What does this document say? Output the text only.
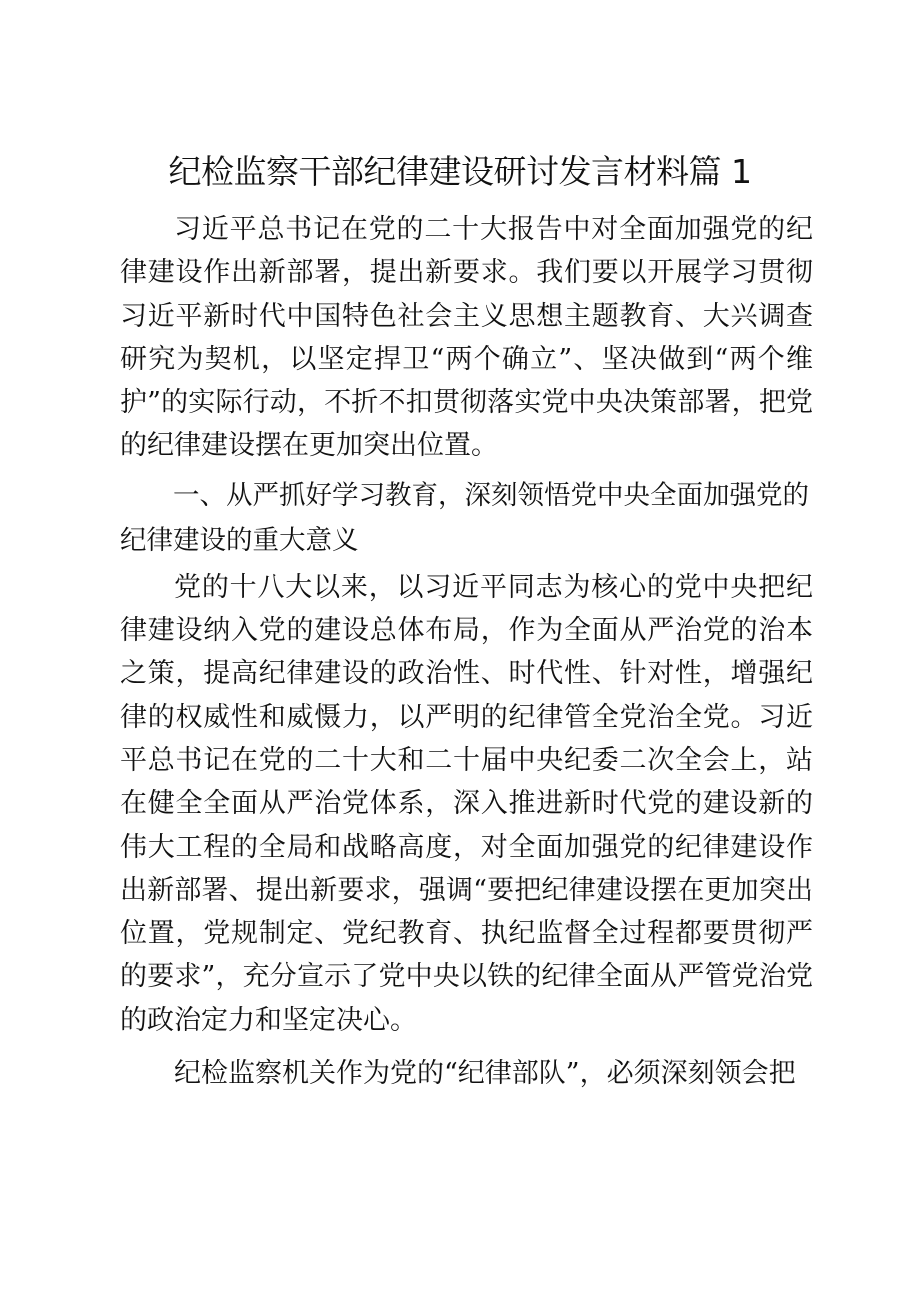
纪检监察干部纪律建设研讨发言材料篇 1

习近平总书记在党的二十大报告中对全面加强党的纪律建设作出新部署，提出新要求。我们要以开展学习贯彻习近平新时代中国特色社会主义思想主题教育、大兴调查研究为契机，以坚定捍卫“两个确立”、坚决做到“两个维护”的实际行动，不折不扣贯彻落实党中央决策部署，把党的纪律建设摆在更加突出位置。

一、从严抓好学习教育，深刻领悟党中央全面加强党的纪律建设的重大意义

党的十八大以来，以习近平同志为核心的党中央把纪律建设纳入党的建设总体布局，作为全面从严治党的治本之策，提高纪律建设的政治性、时代性、针对性，增强纪律的权威性和威慑力，以严明的纪律管全党治全党。习近平总书记在党的二十大和二十届中央纪委二次全会上，站在健全全面从严治党体系，深入推进新时代党的建设新的伟大工程的全局和战略高度，对全面加强党的纪律建设作出新部署、提出新要求，强调“要把纪律建设摆在更加突出位置，党规制定、党纪教育、执纪监督全过程都要贯彻严的要求”，充分宣示了党中央以铁的纪律全面从严管党治党的政治定力和坚定决心。

纪检监察机关作为党的“纪律部队”，必须深刻领会把
